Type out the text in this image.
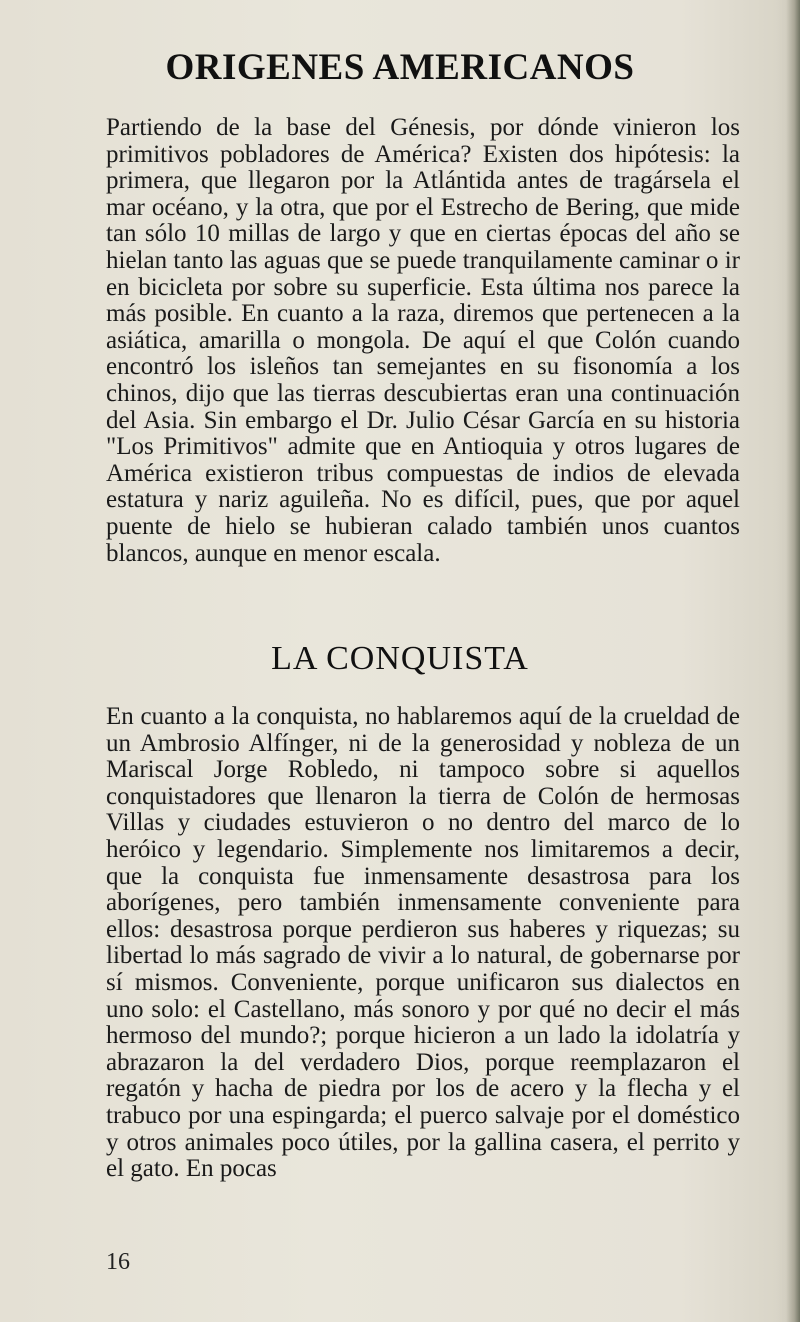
ORIGENES AMERICANOS

Partiendo de la base del Génesis, por dónde vinieron los primitivos pobladores de América? Existen dos hipótesis: la primera, que llegaron por la Atlántida antes de tragársela el mar océano, y la otra, que por el Estrecho de Bering, que mide tan sólo 10 millas de largo y que en ciertas épocas del año se hielan tanto las aguas que se puede tranquilamente caminar o ir en bicicleta por sobre su superficie. Esta última nos parece la más posible. En cuanto a la raza, diremos que pertenecen a la asiática, amarilla o mongola. De aquí el que Colón cuando encontró los isleños tan semejantes en su fisonomía a los chinos, dijo que las tierras descubiertas eran una continuación del Asia. Sin embargo el Dr. Julio César García en su historia "Los Primitivos" admite que en Antioquia y otros lugares de América existieron tribus compuestas de indios de elevada estatura y nariz aguileña. No es difícil, pues, que por aquel puente de hielo se hubieran calado también unos cuantos blancos, aunque en menor escala.

LA CONQUISTA

En cuanto a la conquista, no hablaremos aquí de la crueldad de un Ambrosio Alfínger, ni de la generosidad y nobleza de un Mariscal Jorge Robledo, ni tampoco sobre si aquellos conquistadores que llenaron la tierra de Colón de hermosas Villas y ciudades estuvieron o no dentro del marco de lo heróico y legendario. Simplemente nos limitaremos a decir, que la conquista fue inmensamente desastrosa para los aborígenes, pero también inmensamente conveniente para ellos: desastrosa porque perdieron sus haberes y riquezas; su libertad lo más sagrado de vivir a lo natural, de gobernarse por sí mismos. Conveniente, porque unificaron sus dialectos en uno solo: el Castellano, más sonoro y por qué no decir el más hermoso del mundo?; porque hicieron a un lado la idolatría y abrazaron la del verdadero Dios, porque reemplazaron el regatón y hacha de piedra por los de acero y la flecha y el trabuco por una espingarda; el puerco salvaje por el doméstico y otros animales poco útiles, por la gallina casera, el perrito y el gato. En pocas

16
